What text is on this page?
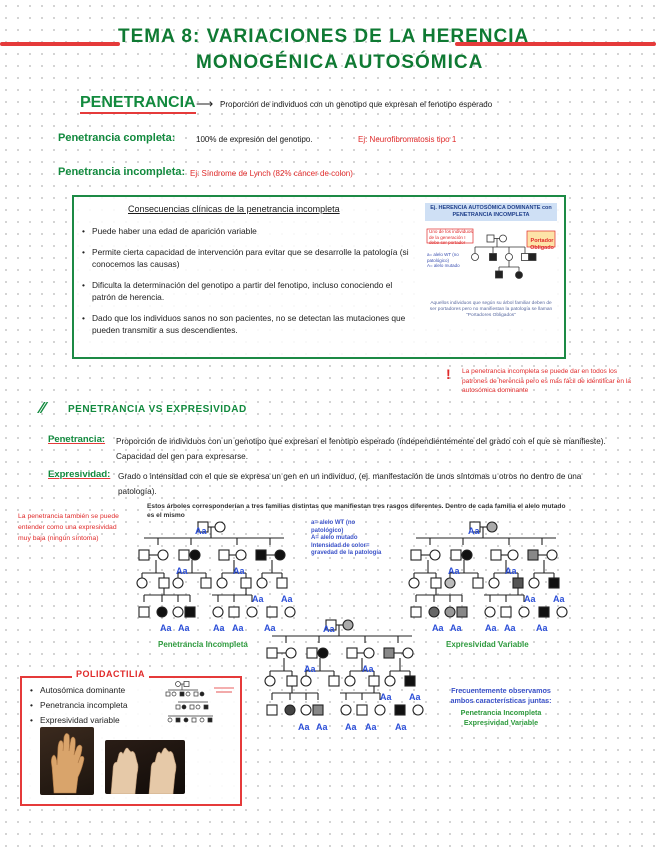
TEMA 8: VARIACIONES DE LA HERENCIA
MONOGÉNICA AUTOSÓMICA
PENETRANCIA ⟶ Proporción de individuos con un genotipo que expresan el fenotipo esperado
Penetrancia completa:	100% de expresión del genotipo.	Ej: Neurofibromatosis tipo 1
Penetrancia incompleta: Ej: Síndrome de Lynch (82% cáncer de colon)
Consecuencias clínicas de la penetrancia incompleta
• Puede haber una edad de aparición variable
• Permite cierta capacidad de intervención para evitar que se desarrolle la patología (si conocemos las causas)
• Dificulta la determinación del genotipo a partir del fenotipo, incluso conociendo el patrón de herencia.
• Dado que los individuos sanos no son pacientes, no se detectan las mutaciones que pueden transmitir a sus descendientes.
Ej. HERENCIA AUTOSÓMICA DOMINANTE con PENETRANCIA INCOMPLETA
Aquellos individuos que según su árbol familiar deben de ser portadores pero no manifiestan la patología se llaman "Portadores Obligados"
Uno de los individuos de la generación I debe ser portador	Portador Obligado
a= alelo WT (no patológico)
A= alelo mutado
! La penetrancia incompleta se puede dar en todos los patrones de herencia pero es más fácil de identificar en la autosómica dominante
⁄⁄ PENETRANCIA VS EXPRESIVIDAD
Penetrancia: Proporción de individuos con un genotipo que expresan el fenotipo esperado (independientemente del grado con el que se manifieste). Capacidad del gen para expresarse.
Expresividad: Grado o intensidad con el que se expresa un gen en un individuo, (ej. manifestación de unos síntomas u otros no dentro de una patología).
La penetrancia también se puede entender como una expresividad muy baja (ningún síntoma)
Estos árboles corresponderían a tres familias distintas que manifiestan tres rasgos diferentes. Dentro de cada familia el alelo mutado es el mismo
a= alelo WT (no patológico)
A= alelo mutado
Intensidad de color= gravedad de la patología
Aa
Aa	Aa
Aa Aa
Aa Aa	Aa Aa Aa
Penetrancia Incompleta
Aa
Aa	Aa
Aa Aa
Aa Aa	Aa Aa Aa
Expresividad Variable
Aa
Aa	Aa
Aa Aa
Aa Aa Aa Aa Aa
Frecuentemente observamos
ambos características juntas:
Penetrancia Incompleta
Expresividad Variable
POLIDACTILIA
• Autosómica dominante
• Penetrancia incompleta
• Expresividad variable
